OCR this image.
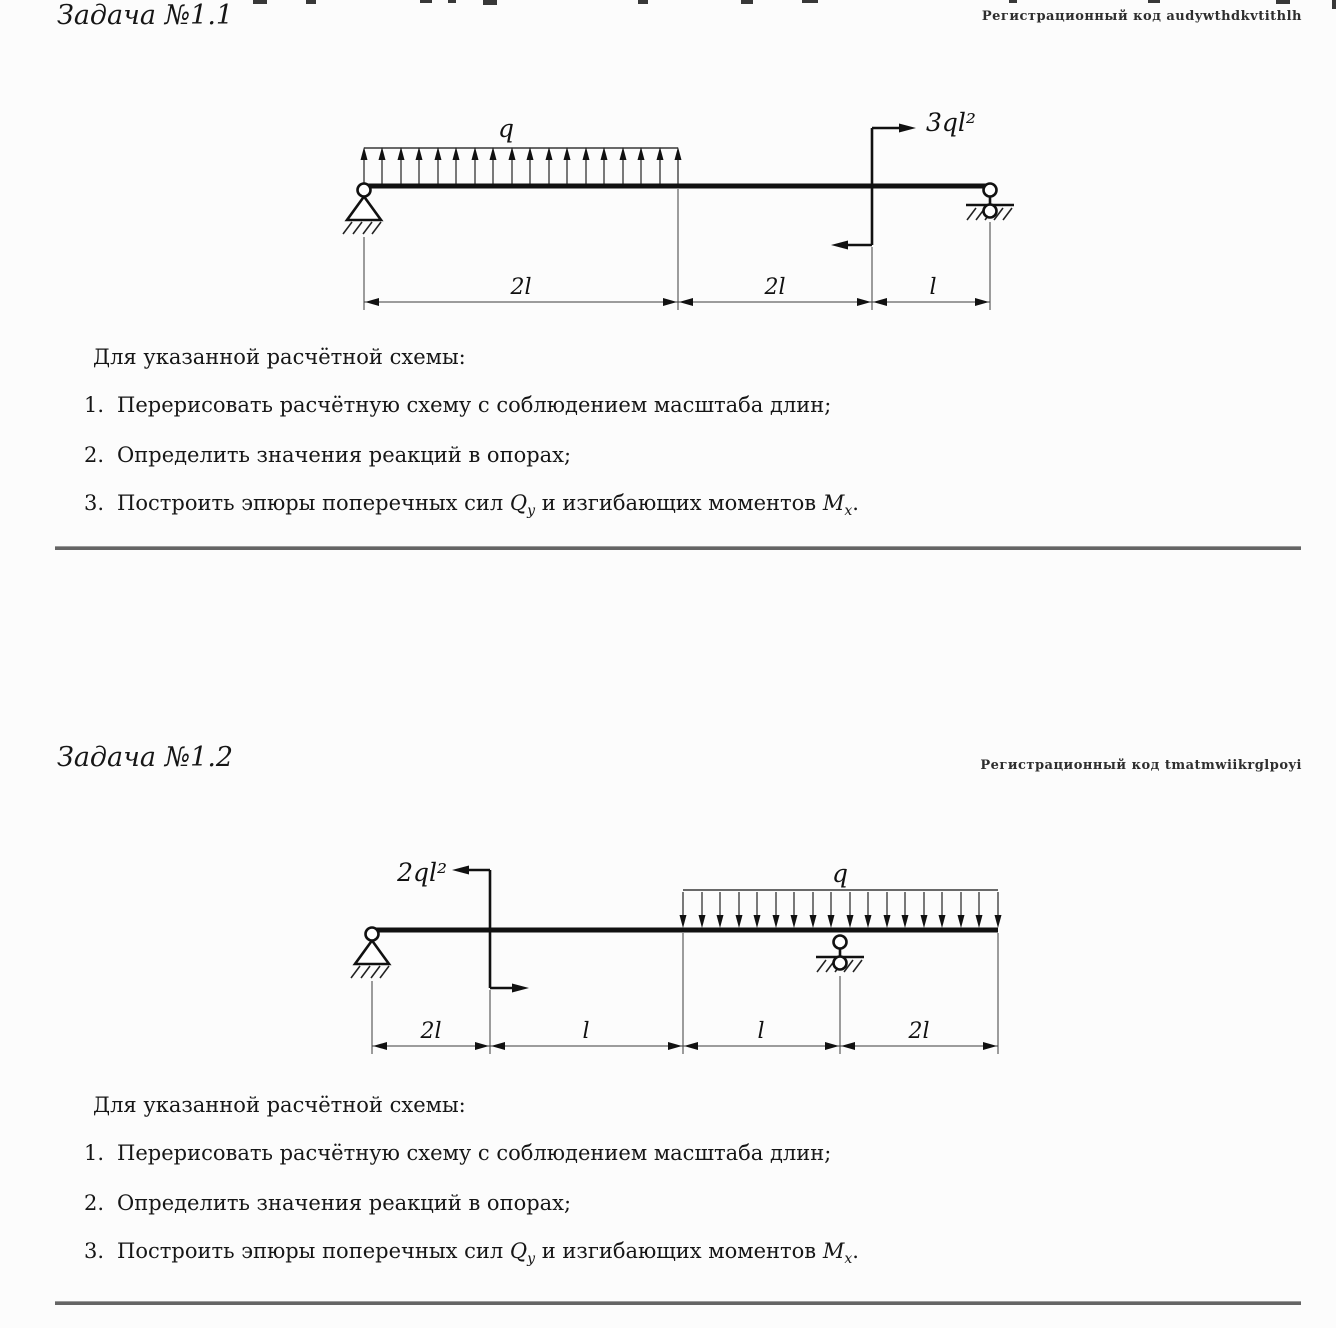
Задача №1.1	Регистрационный код audywthdkvtithlh
q	3ql²
2l	2l	l
Для указанной расчётной схемы:
1. Перерисовать расчётную схему с соблюдением масштаба длин;
2. Определить значения реакций в опорах;
3. Построить эпюры поперечных сил $Q_y$ и изгибающих моментов $M_x$.
Задача №1.2	Регистрационный код tmatmwiikrglpoyi
2ql²	q
2l	l	l	2l
Для указанной расчётной схемы:
1. Перерисовать расчётную схему с соблюдением масштаба длин;
2. Определить значения реакций в опорах;
3. Построить эпюры поперечных сил $Q_y$ и изгибающих моментов $M_x$.
